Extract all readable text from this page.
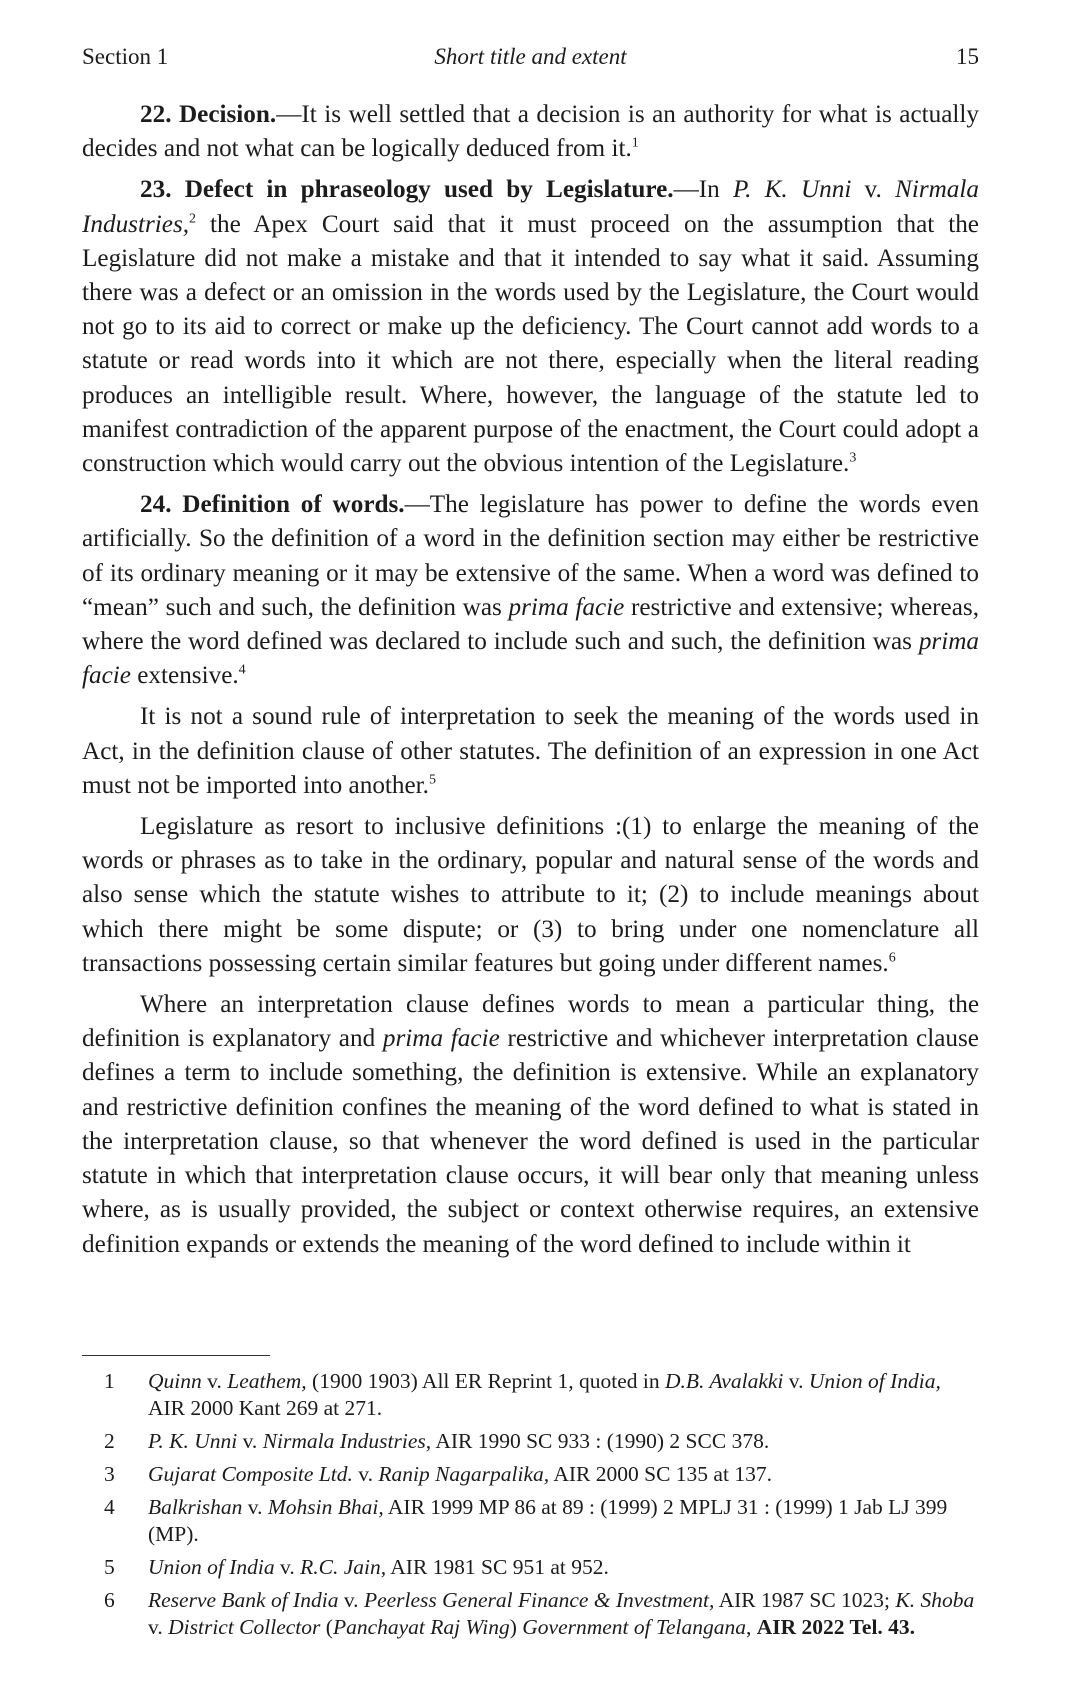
Section 1	Short title and extent	15

22. Decision.—It is well settled that a decision is an authority for what is actually decides and not what can be logically deduced from it.$^1$

23. Defect in phraseology used by Legislature.—In P. K. Unni v. Nirmala Industries,$^2$ the Apex Court said that it must proceed on the assumption that the Legislature did not make a mistake and that it intended to say what it said. Assuming there was a defect or an omission in the words used by the Legislature, the Court would not go to its aid to correct or make up the deficiency. The Court cannot add words to a statute or read words into it which are not there, especially when the literal reading produces an intelligible result. Where, however, the language of the statute led to manifest contradiction of the apparent purpose of the enactment, the Court could adopt a construction which would carry out the obvious intention of the Legislature.$^3$

24. Definition of words.—The legislature has power to define the words even artificially. So the definition of a word in the definition section may either be restrictive of its ordinary meaning or it may be extensive of the same. When a word was defined to “mean” such and such, the definition was prima facie restrictive and extensive; whereas, where the word defined was declared to include such and such, the definition was prima facie extensive.$^4$

It is not a sound rule of interpretation to seek the meaning of the words used in Act, in the definition clause of other statutes. The definition of an expression in one Act must not be imported into another.$^5$

Legislature as resort to inclusive definitions :(1) to enlarge the meaning of the words or phrases as to take in the ordinary, popular and natural sense of the words and also sense which the statute wishes to attribute to it; (2) to include meanings about which there might be some dispute; or (3) to bring under one nomenclature all transactions possessing certain similar features but going under different names.$^6$

Where an interpretation clause defines words to mean a particular thing, the definition is explanatory and prima facie restrictive and whichever interpretation clause defines a term to include something, the definition is extensive. While an explanatory and restrictive definition confines the meaning of the word defined to what is stated in the interpretation clause, so that whenever the word defined is used in the particular statute in which that interpretation clause occurs, it will bear only that meaning unless where, as is usually provided, the subject or context otherwise requires, an extensive definition expands or extends the meaning of the word defined to include within it

1 Quinn v. Leathem, (1900 1903) All ER Reprint 1, quoted in D.B. Avalakki v. Union of India, AIR 2000 Kant 269 at 271.
2 P. K. Unni v. Nirmala Industries, AIR 1990 SC 933 : (1990) 2 SCC 378.
3 Gujarat Composite Ltd. v. Ranip Nagarpalika, AIR 2000 SC 135 at 137.
4 Balkrishan v. Mohsin Bhai, AIR 1999 MP 86 at 89 : (1999) 2 MPLJ 31 : (1999) 1 Jab LJ 399 (MP).
5 Union of India v. R.C. Jain, AIR 1981 SC 951 at 952.
6 Reserve Bank of India v. Peerless General Finance & Investment, AIR 1987 SC 1023; K. Shoba v. District Collector (Panchayat Raj Wing) Government of Telangana, AIR 2022 Tel. 43.
